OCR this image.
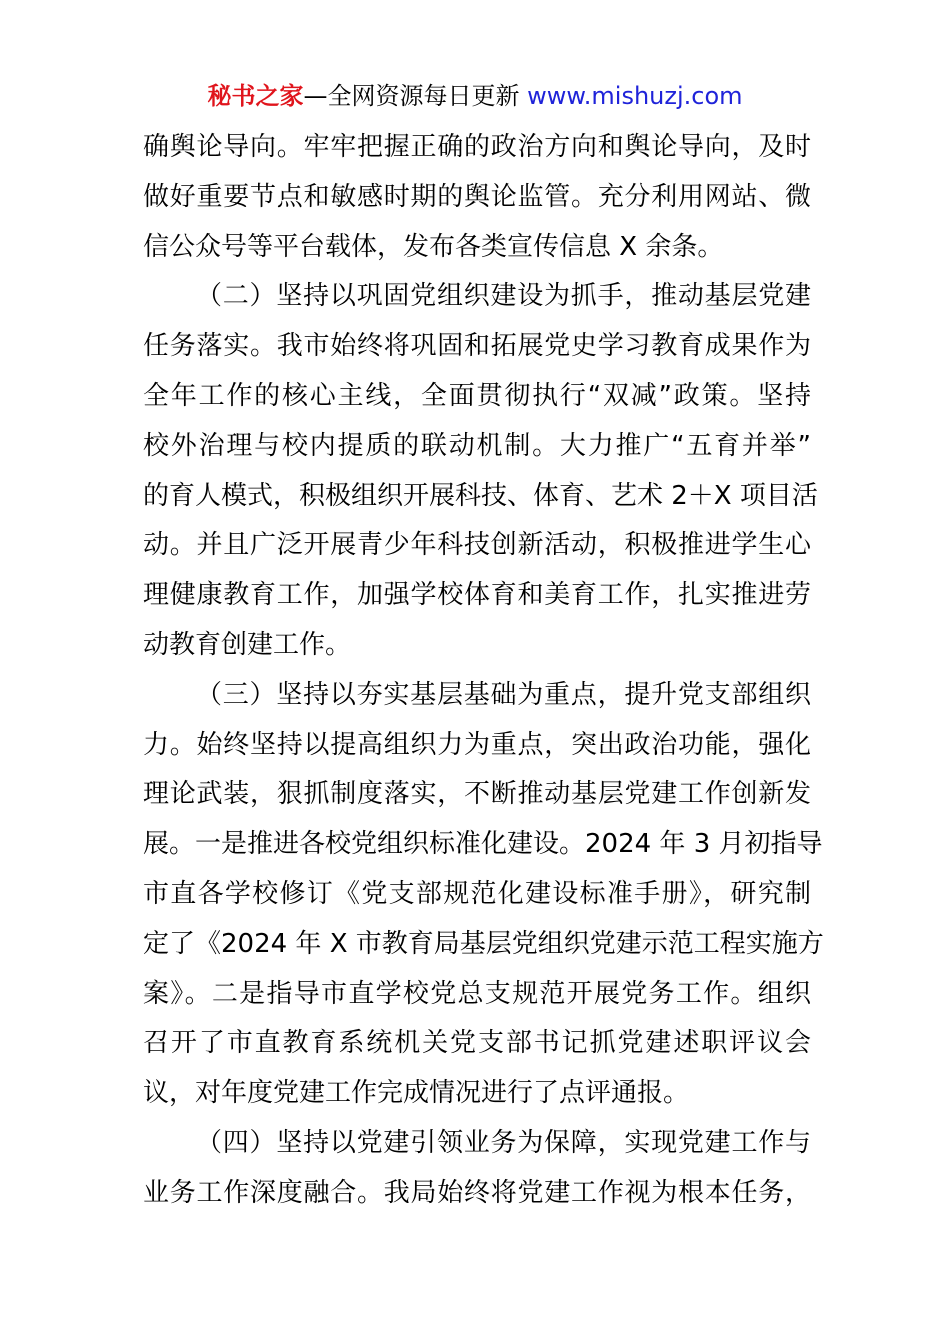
秘书之家—全网资源每日更新 www.mishuzj.com
确舆论导向。牢牢把握正确的政治方向和舆论导向，及时
做好重要节点和敏感时期的舆论监管。充分利用网站、微
信公众号等平台载体，发布各类宣传信息 X 余条。
（二）坚持以巩固党组织建设为抓手，推动基层党建
任务落实。我市始终将巩固和拓展党史学习教育成果作为
全年工作的核心主线，全面贯彻执行“双减”政策。坚持
校外治理与校内提质的联动机制。大力推广“五育并举”
的育人模式，积极组织开展科技、体育、艺术 2＋X 项目活
动。并且广泛开展青少年科技创新活动，积极推进学生心
理健康教育工作，加强学校体育和美育工作，扎实推进劳
动教育创建工作。
（三）坚持以夯实基层基础为重点，提升党支部组织
力。始终坚持以提高组织力为重点，突出政治功能，强化
理论武装，狠抓制度落实，不断推动基层党建工作创新发
展。一是推进各校党组织标准化建设。2024 年 3 月初指导
市直各学校修订《党支部规范化建设标准手册》，研究制
定了《2024 年 X 市教育局基层党组织党建示范工程实施方
案》。二是指导市直学校党总支规范开展党务工作。组织
召开了市直教育系统机关党支部书记抓党建述职评议会
议，对年度党建工作完成情况进行了点评通报。
（四）坚持以党建引领业务为保障，实现党建工作与
业务工作深度融合。我局始终将党建工作视为根本任务，
